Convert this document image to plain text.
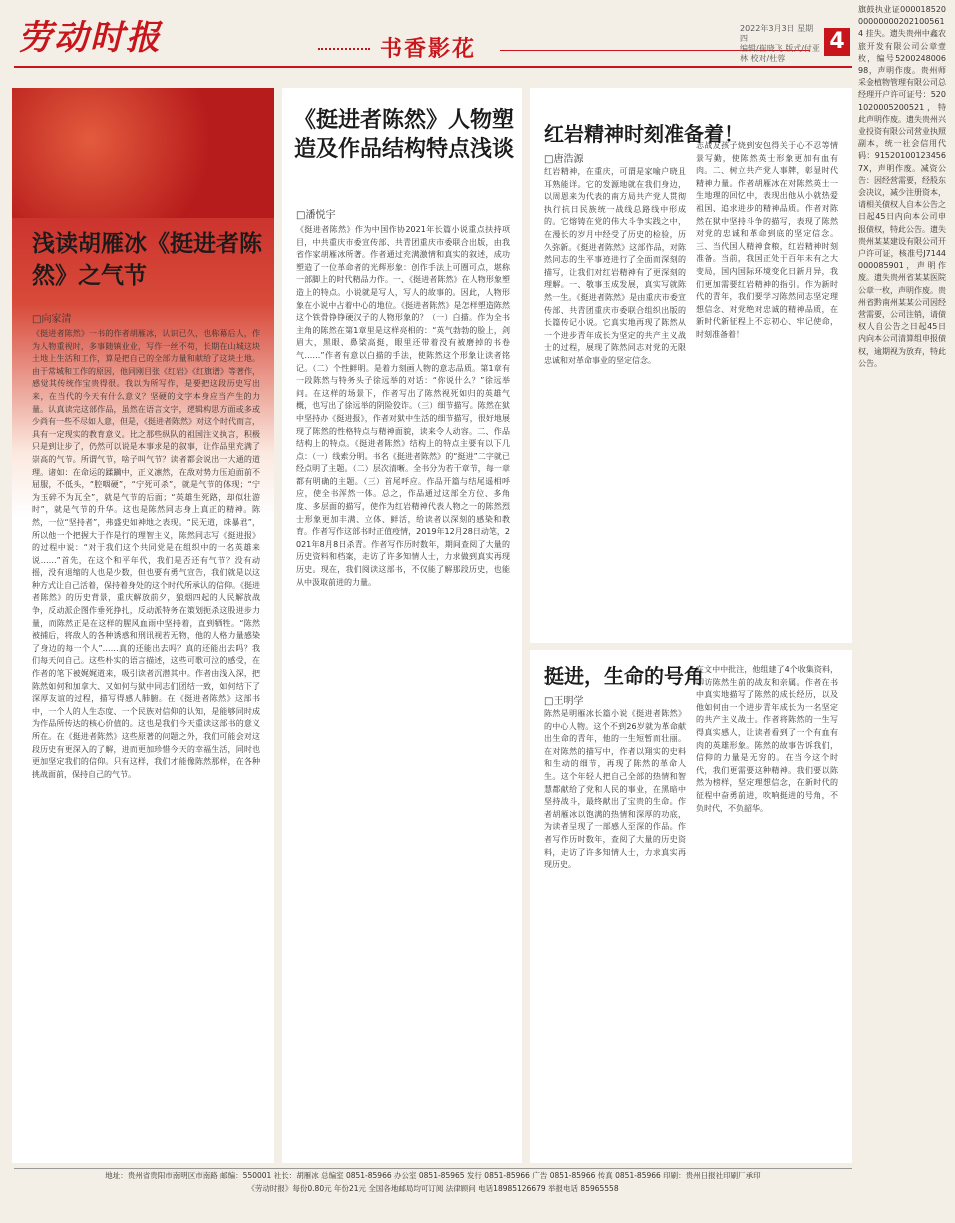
劳动时报	书香影花
2022年3月3日 星期四
编辑/崔晓飞 版式/付亚林 校对/杜蓉
4
浅读胡雁冰《挺进者陈然》之气节
□向家清
《挺进者陈然》一书的作者胡雁冰，认识已久，也称幕后人，作为人物重视时，多事随镇业业，写作一丝不苟，长期在山城这块土地上生活和工作，算是把自己的全部力量和献给了这块土地。由于常城和工作的原因，他同刚目张《红岩》《红旗谱》等著作，感觉其传统作宝贵得很。我以为所写作，是要把这段历史写出来，在当代的今天有什么意义？坚硬的文字本身应当产生的力量。认真读完这部作品，虽然在语言文字，逻辑构思方面或多或少尚有一些不尽如人意，但是，《挺进者陈然》对这个时代而言，具有一定现实的教育意义。比之那些纵队的祖国注义执言，积极只是到让步了，仍然可以说是本事求是的叙事，让作品里充满了崇高的气节。所谓气节，啥子叫气节？读者都会说出一大通的道理。诸如：在命运的蹂躏中，正义凛然，在敌对势力压迫面前不屈服，不低头，“腔咽硬”，“宁死可杀”，就是气节的体现；“宁为玉碎不为瓦全”，就是气节的后面；“英雄生死路，却似壮游时”，就是气节的升华。这也是陈然同志身上真正的精神。陈然，一位“坚持者”，弗盛史如神地之表现。“民无道，诛暴君”，所以他一个把握大于作是行的理智主义，陈然同志写《挺进报》的过程中说：“对于我们这个共同党是在组织中的一名英雄来说……”首先，在这个和平年代，我们是否还有气节？没有动摇，没有退缩的人也是少数，但也要有勇气宣告，我们就是以这种方式让自己活着，保持着身处的这个时代所承认的信仰。《挺进者陈然》的历史背景，重庆解放前夕，狼烟四起的人民解放战争，反动派企图作垂死挣扎，反动派特务在策划扼杀这股进步力量，而陈然正是在这样的腥风血雨中坚持着，直到牺牲。“陈然被捕后，将敌人的各种诱惑和刑讯视若无物，他的人格力量感染了身边的每一个人”……真的还能出去吗？真的还能出去吗？我们每天问自己。这些朴实的语言描述，这些可歌可泣的感受，在作者的笔下被娓娓道来，吸引读者沉潜其中。作者由浅入深，把陈然如何和加拿大、又如何与狱中同志们团结一致，如何结下了深厚友谊的过程，描写得感人肺腑。在《挺进者陈然》这部书中，一个人的人生态度、一个民族对信仰的认知，是能够同时成为作品所传达的核心价值的。这也是我们今天重读这部书的意义所在。在《挺进者陈然》这些原著的问题之外，我们可能会对这段历史有更深入的了解，进而更加珍惜今天的幸福生活，同时也更加坚定我们的信仰。只有这样，我们才能像陈然那样，在各种挑战面前，保持自己的气节。
《挺进者陈然》人物塑造及作品结构特点浅谈
□潘悦宇
《挺进者陈然》作为中国作协2021年长篇小说重点扶持项目，中共重庆市委宣传部、共青团重庆市委联合出版，由我省作家胡雁冰所著。作者通过充满激情和真实的叙述，成功塑造了一位革命者的光辉形象：创作手法上可圈可点，堪称一部脚上的时代精品力作。一、《挺进者陈然》在人物形象塑造上的特点。小说就是写人，写人的故事的。因此，人物形象在小说中占着中心的地位。《挺进者陈然》是怎样塑造陈然这个铁骨铮铮硬汉子的人物形象的？（一）白描。作为全书主角的陈然在第1章里是这样亮相的：“英气勃勃的脸上，剑眉大，黑眼、鼻梁高挺，眼里还带着没有被磨掉的书卷气……”作者有意以白描的手法，使陈然这个形象让读者铭记。（二）个性鲜明。是着力刻画人物的意志品质。第1章有一段陈然与特务头子徐远举的对话：“你说什么？”徐远举问。在这样的场景下，作者写出了陈然视死如归的英雄气概，也写出了徐远举的阴险狡诈。（三）细节描写。陈然在狱中坚持办《挺进报》，作者对狱中生活的细节描写，很好地展现了陈然的性格特点与精神面貌，读来令人动容。二、作品结构上的特点。《挺进者陈然》结构上的特点主要有以下几点：（一）线索分明。书名《挺进者陈然》的“挺进”二字就已经点明了主题。（二）层次清晰。全书分为若干章节，每一章都有明确的主题。（三）首尾呼应。作品开篇与结尾遥相呼应，使全书浑然一体。总之，作品通过这部全方位、多角度、多层面的描写，使作为红岩精神代表人物之一的陈然烈士形象更加丰满、立体、鲜活，给读者以深刻的感染和教育。作者写作这部书时正值疫情，2019年12月28日动笔，2021年8月8日杀青。作者写作历时数年，期间查阅了大量的历史资料和档案，走访了许多知情人士，力求做到真实再现历史。现在，我们阅读这部书，不仅能了解那段历史，也能从中汲取前进的力量。
红岩精神时刻准备着！
□唐浩源
红岩精神，在重庆，可谓是家喻户晓且耳熟能详。它的发源地就在我们身边，以周恩来为代表的南方局共产党人贯彻执行抗日民族统一战线总路线中形成的。它熔铸在党的伟大斗争实践之中，在漫长的岁月中经受了历史的检验，历久弥新。《挺进者陈然》这部作品，对陈然同志的生平事迹进行了全面而深刻的描写，让我们对红岩精神有了更深刻的理解。一、敬事玉成发展，真实写就陈然一生。《挺进者陈然》是由重庆市委宣传部、共青团重庆市委联合组织出版的长篇传记小说。它真实地再现了陈然从一个进步青年成长为坚定的共产主义战士的过程，展现了陈然同志对党的无限忠诚和对革命事业的坚定信念。
志战友孩子烧到安包得关于心不忍等情景写勤，使陈然英士形象更加有血有肉。二、树立共产党人事牌，彰显时代精神力量。作者胡雁冰在对陈然英士一生地理的回忆中，表现出他从小就热爱祖国、追求进步的精神品质。作者对陈然在狱中坚持斗争的描写，表现了陈然对党的忠诚和革命到底的坚定信念。三、当代国人精神食粮，红岩精神时刻准备。当前，我国正处于百年未有之大变局，国内国际环境变化日新月异，我们更加需要红岩精神的指引。作为新时代的青年，我们要学习陈然同志坚定理想信念、对党绝对忠诚的精神品质，在新时代新征程上不忘初心、牢记使命，时刻准备着！
挺进，生命的号角
□王明学
陈然是明雁冰长篇小说《挺进者陈然》的中心人物。这个不到26岁就为革命献出生命的青年，他的一生短暂而壮丽。在对陈然的描写中，作者以翔实的史料和生动的细节，再现了陈然的革命人生。这个年轻人把自己全部的热情和智慧都献给了党和人民的事业，在黑暗中坚持战斗，最终献出了宝贵的生命。作者胡雁冰以饱满的热情和深厚的功底，为读者呈现了一部感人至深的作品。作者写作历时数年，查阅了大量的历史资料，走访了许多知情人士，力求真实再现历史。
在文中中批注，他组建了4个收集资料，叩访陈然生前的战友和亲属。作者在书中真实地描写了陈然的成长经历，以及他如何由一个进步青年成长为一名坚定的共产主义战士。作者将陈然的一生写得真实感人，让读者看到了一个有血有肉的英雄形象。陈然的故事告诉我们，信仰的力量是无穷的。在当今这个时代，我们更需要这种精神。我们要以陈然为榜样，坚定理想信念，在新时代的征程中奋勇前进，吹响挺进的号角，不负时代，不负韶华。
旗鼓执业证00001852000000000202100561 4 挂失。遗失贵州中鑫农旅开发有限公司公章壹枚，编号5200248006 98，声明作废。贵州师采金植物管理有限公司总经理开户许可证号：5201020005200521，特此声明作废。遗失贵州兴业投资有限公司营业执照副本，统一社会信用代码：915201001234567X，声明作废。减资公告：因经营需要，经股东会决议，减少注册资本，请相关债权人自本公告之日起45日内向本公司申报债权，特此公告。遗失贵州某某建设有限公司开户许可证，核准号J7144000085901，声明作废。遗失贵州省某某医院公章一枚，声明作废。贵州省黔南州某某公司因经营需要，公司注销，请债权人自公告之日起45日内向本公司清算组申报债权，逾期视为放弃，特此公告。
地址：贵州省贵阳市南明区市南路 邮编：550001 社长：胡雁冰 总编室 0851-85966 办公室 0851-85965 发行 0851-85966 广告 0851-85966 传真 0851-85966 印刷：贵州日报社印刷厂承印
《劳动时报》每份0.80元 年份21元 全国各地邮局均可订阅 法律顾问 电话18985126679 举报电话 85965558
